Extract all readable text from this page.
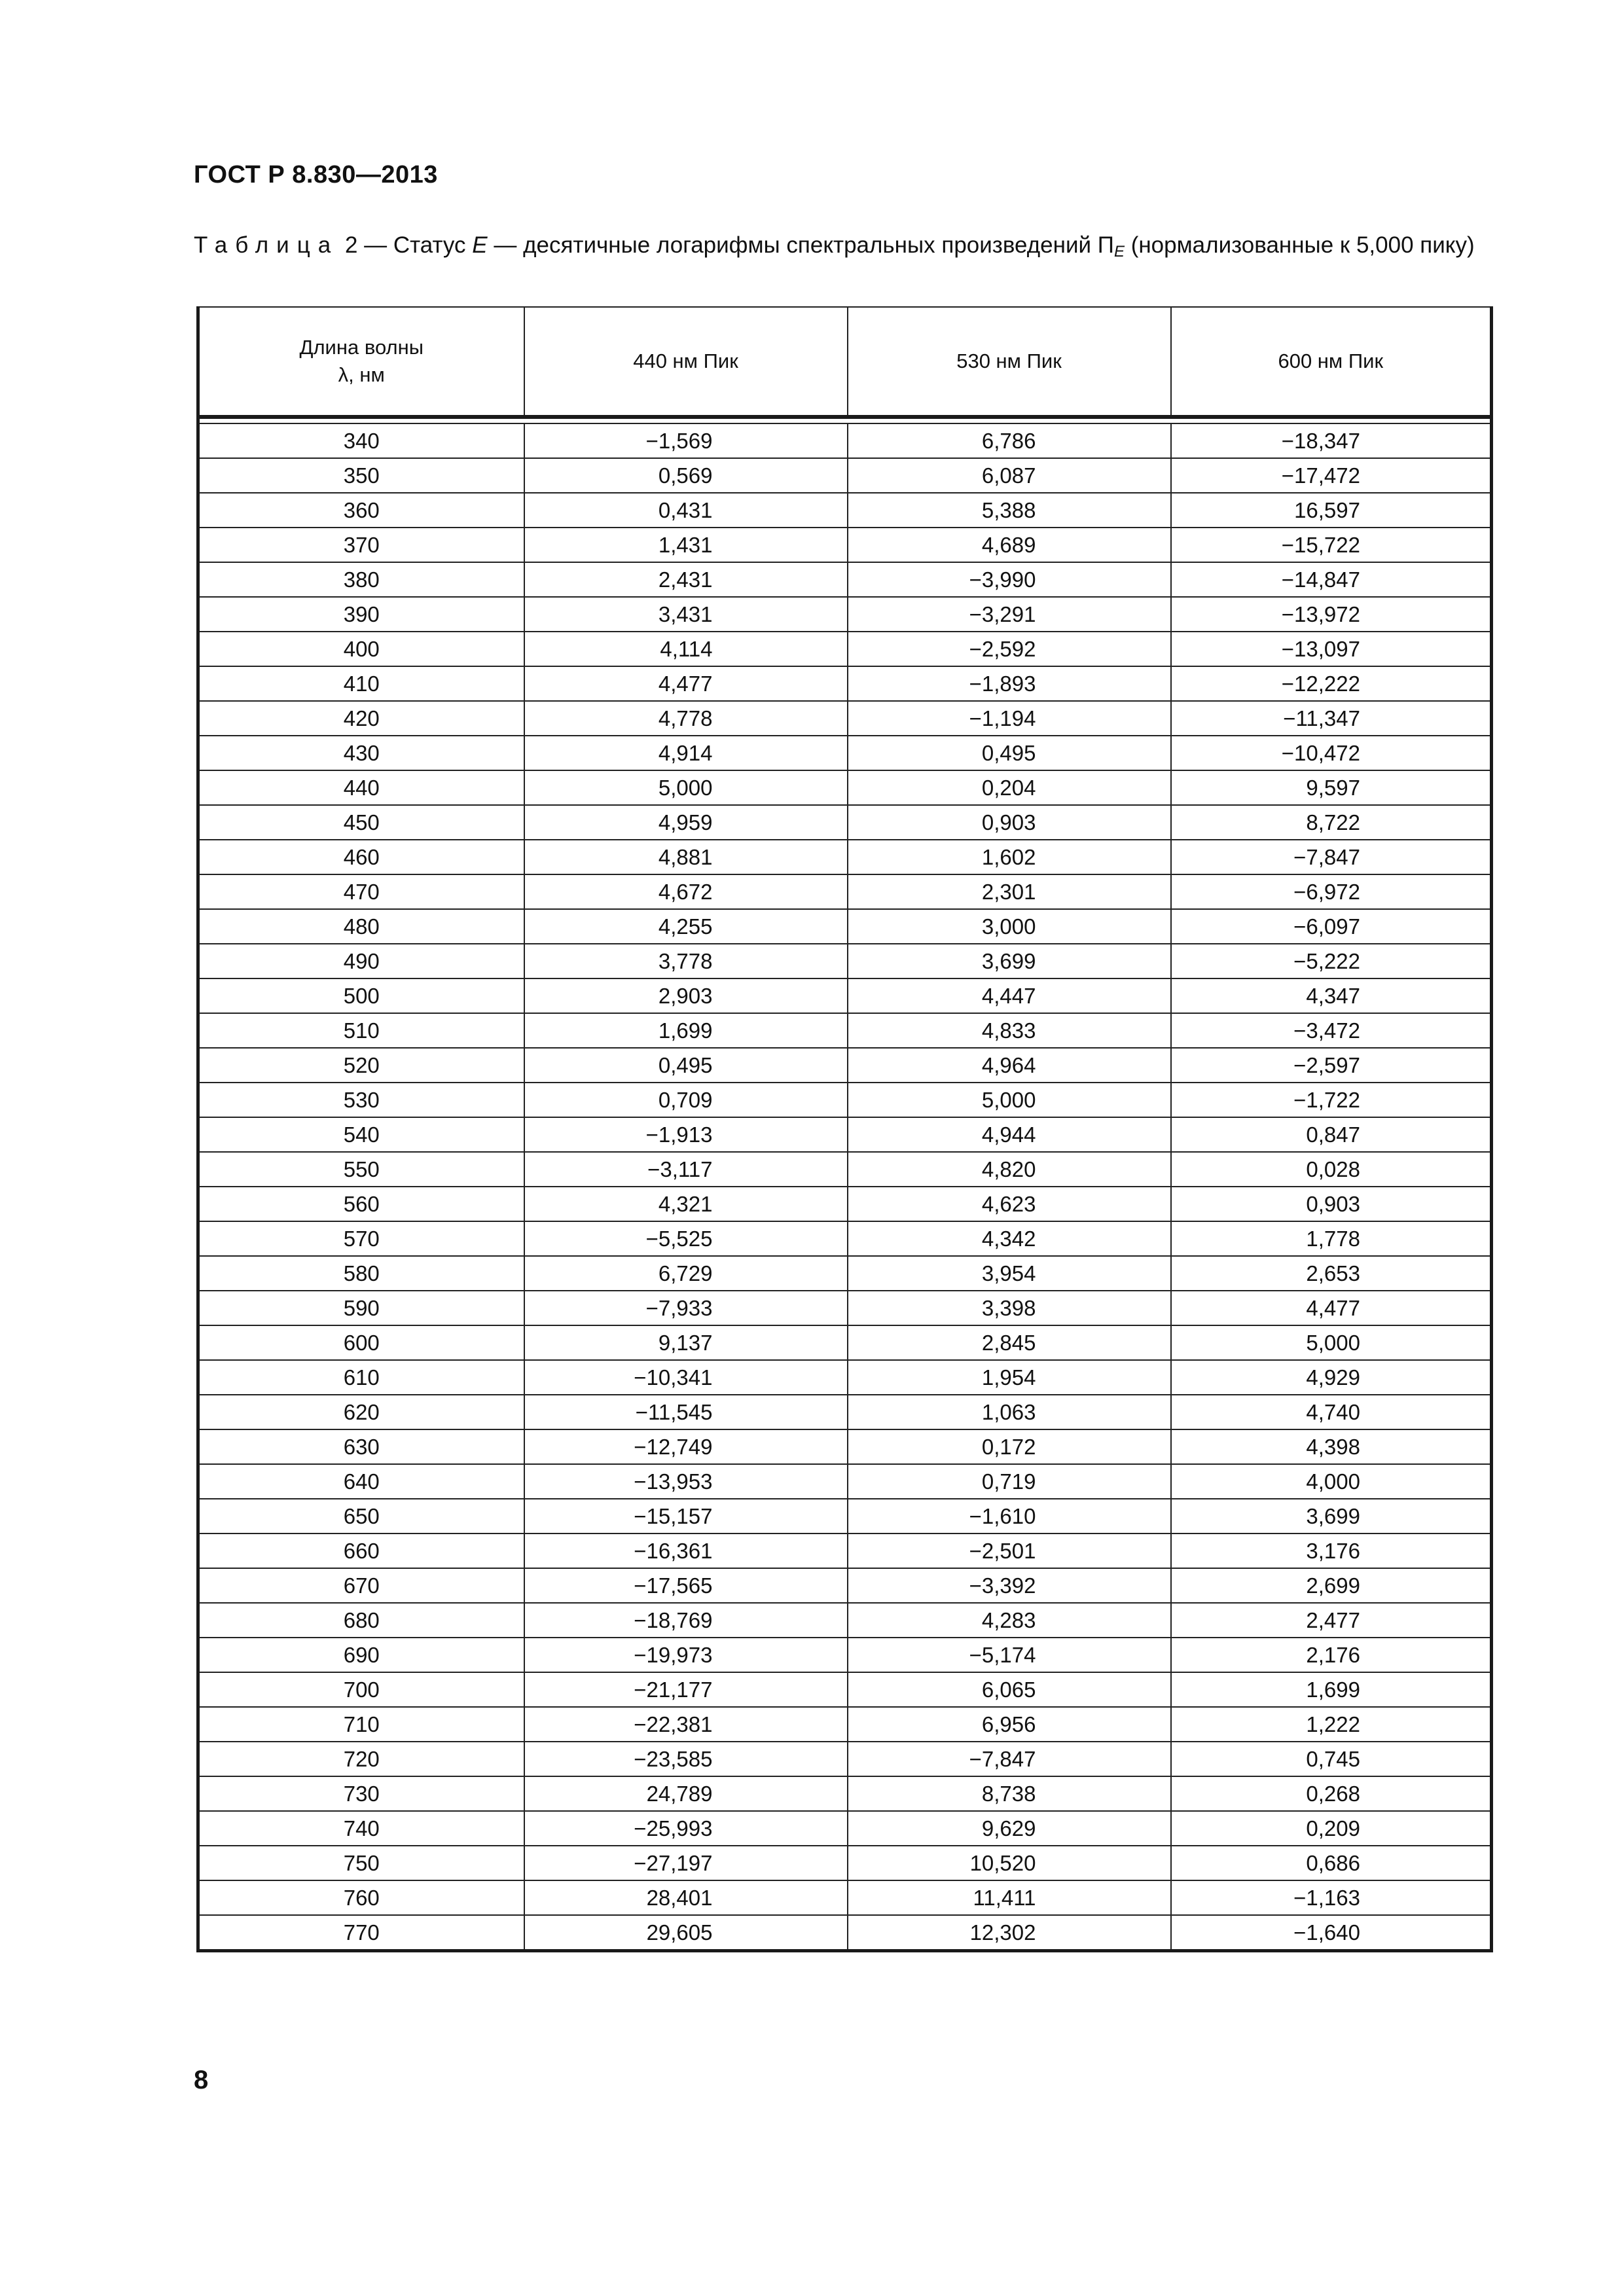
ГОСТ Р 8.830—2013
Таблица 2 — Статус E — десятичные логарифмы спектральных произведений $П_E$ (нормализованные к 5,000 пику)
Длина волны
λ, нм	440 нм Пик	530 нм Пик	600 нм Пик

340	−1,569	6,786	−18,347
350	0,569	6,087	−17,472
360	0,431	5,388	16,597
370	1,431	4,689	−15,722
380	2,431	−3,990	−14,847
390	3,431	−3,291	−13,972
400	4,114	−2,592	−13,097
410	4,477	−1,893	−12,222
420	4,778	−1,194	−11,347
430	4,914	0,495	−10,472
440	5,000	0,204	9,597
450	4,959	0,903	8,722
460	4,881	1,602	−7,847
470	4,672	2,301	−6,972
480	4,255	3,000	−6,097
490	3,778	3,699	−5,222
500	2,903	4,447	4,347
510	1,699	4,833	−3,472
520	0,495	4,964	−2,597
530	0,709	5,000	−1,722
540	−1,913	4,944	0,847
550	−3,117	4,820	0,028
560	4,321	4,623	0,903
570	−5,525	4,342	1,778
580	6,729	3,954	2,653
590	−7,933	3,398	4,477
600	9,137	2,845	5,000
610	−10,341	1,954	4,929
620	−11,545	1,063	4,740
630	−12,749	0,172	4,398
640	−13,953	0,719	4,000
650	−15,157	−1,610	3,699
660	−16,361	−2,501	3,176
670	−17,565	−3,392	2,699
680	−18,769	4,283	2,477
690	−19,973	−5,174	2,176
700	−21,177	6,065	1,699
710	−22,381	6,956	1,222
720	−23,585	−7,847	0,745
730	24,789	8,738	0,268
740	−25,993	9,629	0,209
750	−27,197	10,520	0,686
760	28,401	11,411	−1,163
770	29,605	12,302	−1,640
8
